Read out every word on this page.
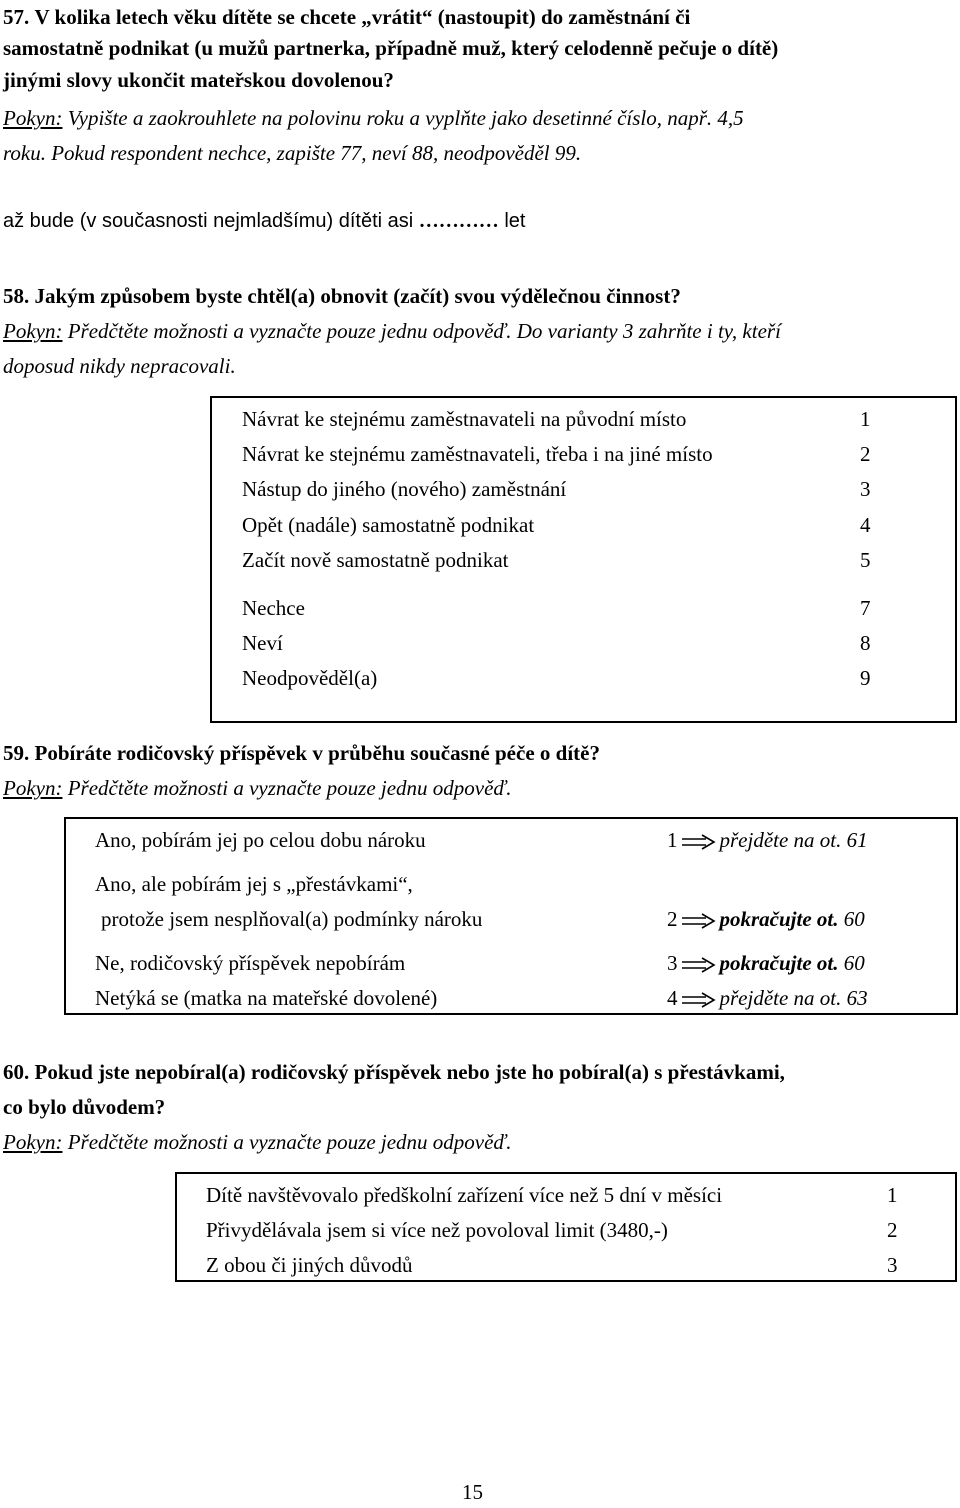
57. V kolika letech věku dítěte se chcete „vrátit“ (nastoupit) do zaměstnání či
samostatně podnikat (u mužů partnerka, případně muž, který celodenně pečuje o dítě)
jinými slovy ukončit mateřskou dovolenou?
Pokyn: Vypište a zaokrouhlete na polovinu roku a vyplňte jako desetinné číslo, např. 4,5
roku. Pokud respondent nechce, zapište 77, neví 88, neodpověděl 99.
až bude (v současnosti nejmladšímu) dítěti asi ………… let
58. Jakým způsobem byste chtěl(a) obnovit (začít) svou výdělečnou činnost?
Pokyn: Předčtěte možnosti a vyznačte pouze jednu odpověď. Do varianty 3 zahrňte i ty, kteří
doposud nikdy nepracovali.
Návrat ke stejnému zaměstnavateli na původní místo	1
Návrat ke stejnému zaměstnavateli, třeba i na jiné místo	2
Nástup do jiného (nového) zaměstnání	3
Opět (nadále) samostatně podnikat	4
Začít nově samostatně podnikat	5
Nechce	7
Neví	8
Neodpověděl(a)	9
59. Pobíráte rodičovský příspěvek v průběhu současné péče o dítě?
Pokyn: Předčtěte možnosti a vyznačte pouze jednu odpověď.
Ano, pobírám jej po celou dobu nároku	1 přejděte na ot. 61
Ano, ale pobírám jej s „přestávkami“,
protože jsem nesplňoval(a) podmínky nároku	2 pokračujte ot. 60
Ne, rodičovský příspěvek nepobírám	3 pokračujte ot. 60
Netýká se (matka na mateřské dovolené)	4 přejděte na ot. 63
60. Pokud jste nepobíral(a) rodičovský příspěvek nebo jste ho pobíral(a) s přestávkami,
co bylo důvodem?
Pokyn: Předčtěte možnosti a vyznačte pouze jednu odpověď.
Dítě navštěvovalo předškolní zařízení více než 5 dní v měsíci	1
Přivydělávala jsem si více než povoloval limit (3480,-)	2
Z obou či jiných důvodů	3
15
